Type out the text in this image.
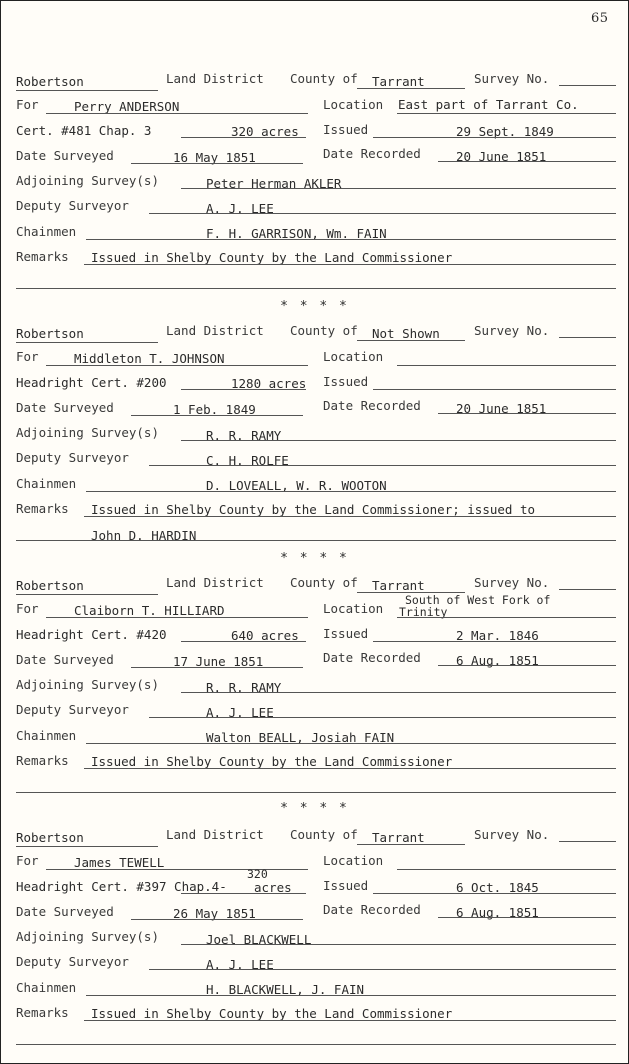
65
Robertson	Land District County of Tarrant	Survey No.
For	Perry ANDERSON	Location East part of Tarrant Co.
Cert. #481 Chap. 3	320 acres Issued	29 Sept. 1849
Date Surveyed	16 May 1851	Date Recorded	20 June 1851
Adjoining Survey(s)	Peter Herman AKLER
Deputy Surveyor	A. J. LEE
Chainmen	F. H. GARRISON, Wm. FAIN
Remarks Issued in Shelby County by the Land Commissioner
Robertson	Land District County of Not Shown	Survey No.
For	Middleton T. JOHNSON	Location
Headright Cert. #200	1280 acres Issued
Date Surveyed	1 Feb. 1849	Date Recorded	20 June 1851
Adjoining Survey(s)	R. R. RAMY
Deputy Surveyor	C. H. ROLFE
Chainmen	D. LOVEALL, W. R. WOOTON
Remarks Issued in Shelby County by the Land Commissioner; issued to
John D. HARDIN
Robertson	Land District County of Tarrant	Survey No.
For	Claiborn T. HILLIARD	Location
South of West Fork of
Trinity
Headright Cert. #420	640 acres Issued	2 Mar. 1846
Date Surveyed	17 June 1851	Date Recorded	6 Aug. 1851
Adjoining Survey(s)	R. R. RAMY
Deputy Surveyor	A. J. LEE
Chainmen	Walton BEALL, Josiah FAIN
Remarks Issued in Shelby County by the Land Commissioner
Robertson	Land District County of Tarrant	Survey No.
For	James TEWELL	Location
Headright Cert. #397 Chap.4-
320
acres	Issued	6 Oct. 1845
Date Surveyed	26 May 1851	Date Recorded	6 Aug. 1851
Adjoining Survey(s)	Joel BLACKWELL
Deputy Surveyor	A. J. LEE
Chainmen	H. BLACKWELL, J. FAIN
Remarks Issued in Shelby County by the Land Commissioner
* * * *
* * * *
* * * *
